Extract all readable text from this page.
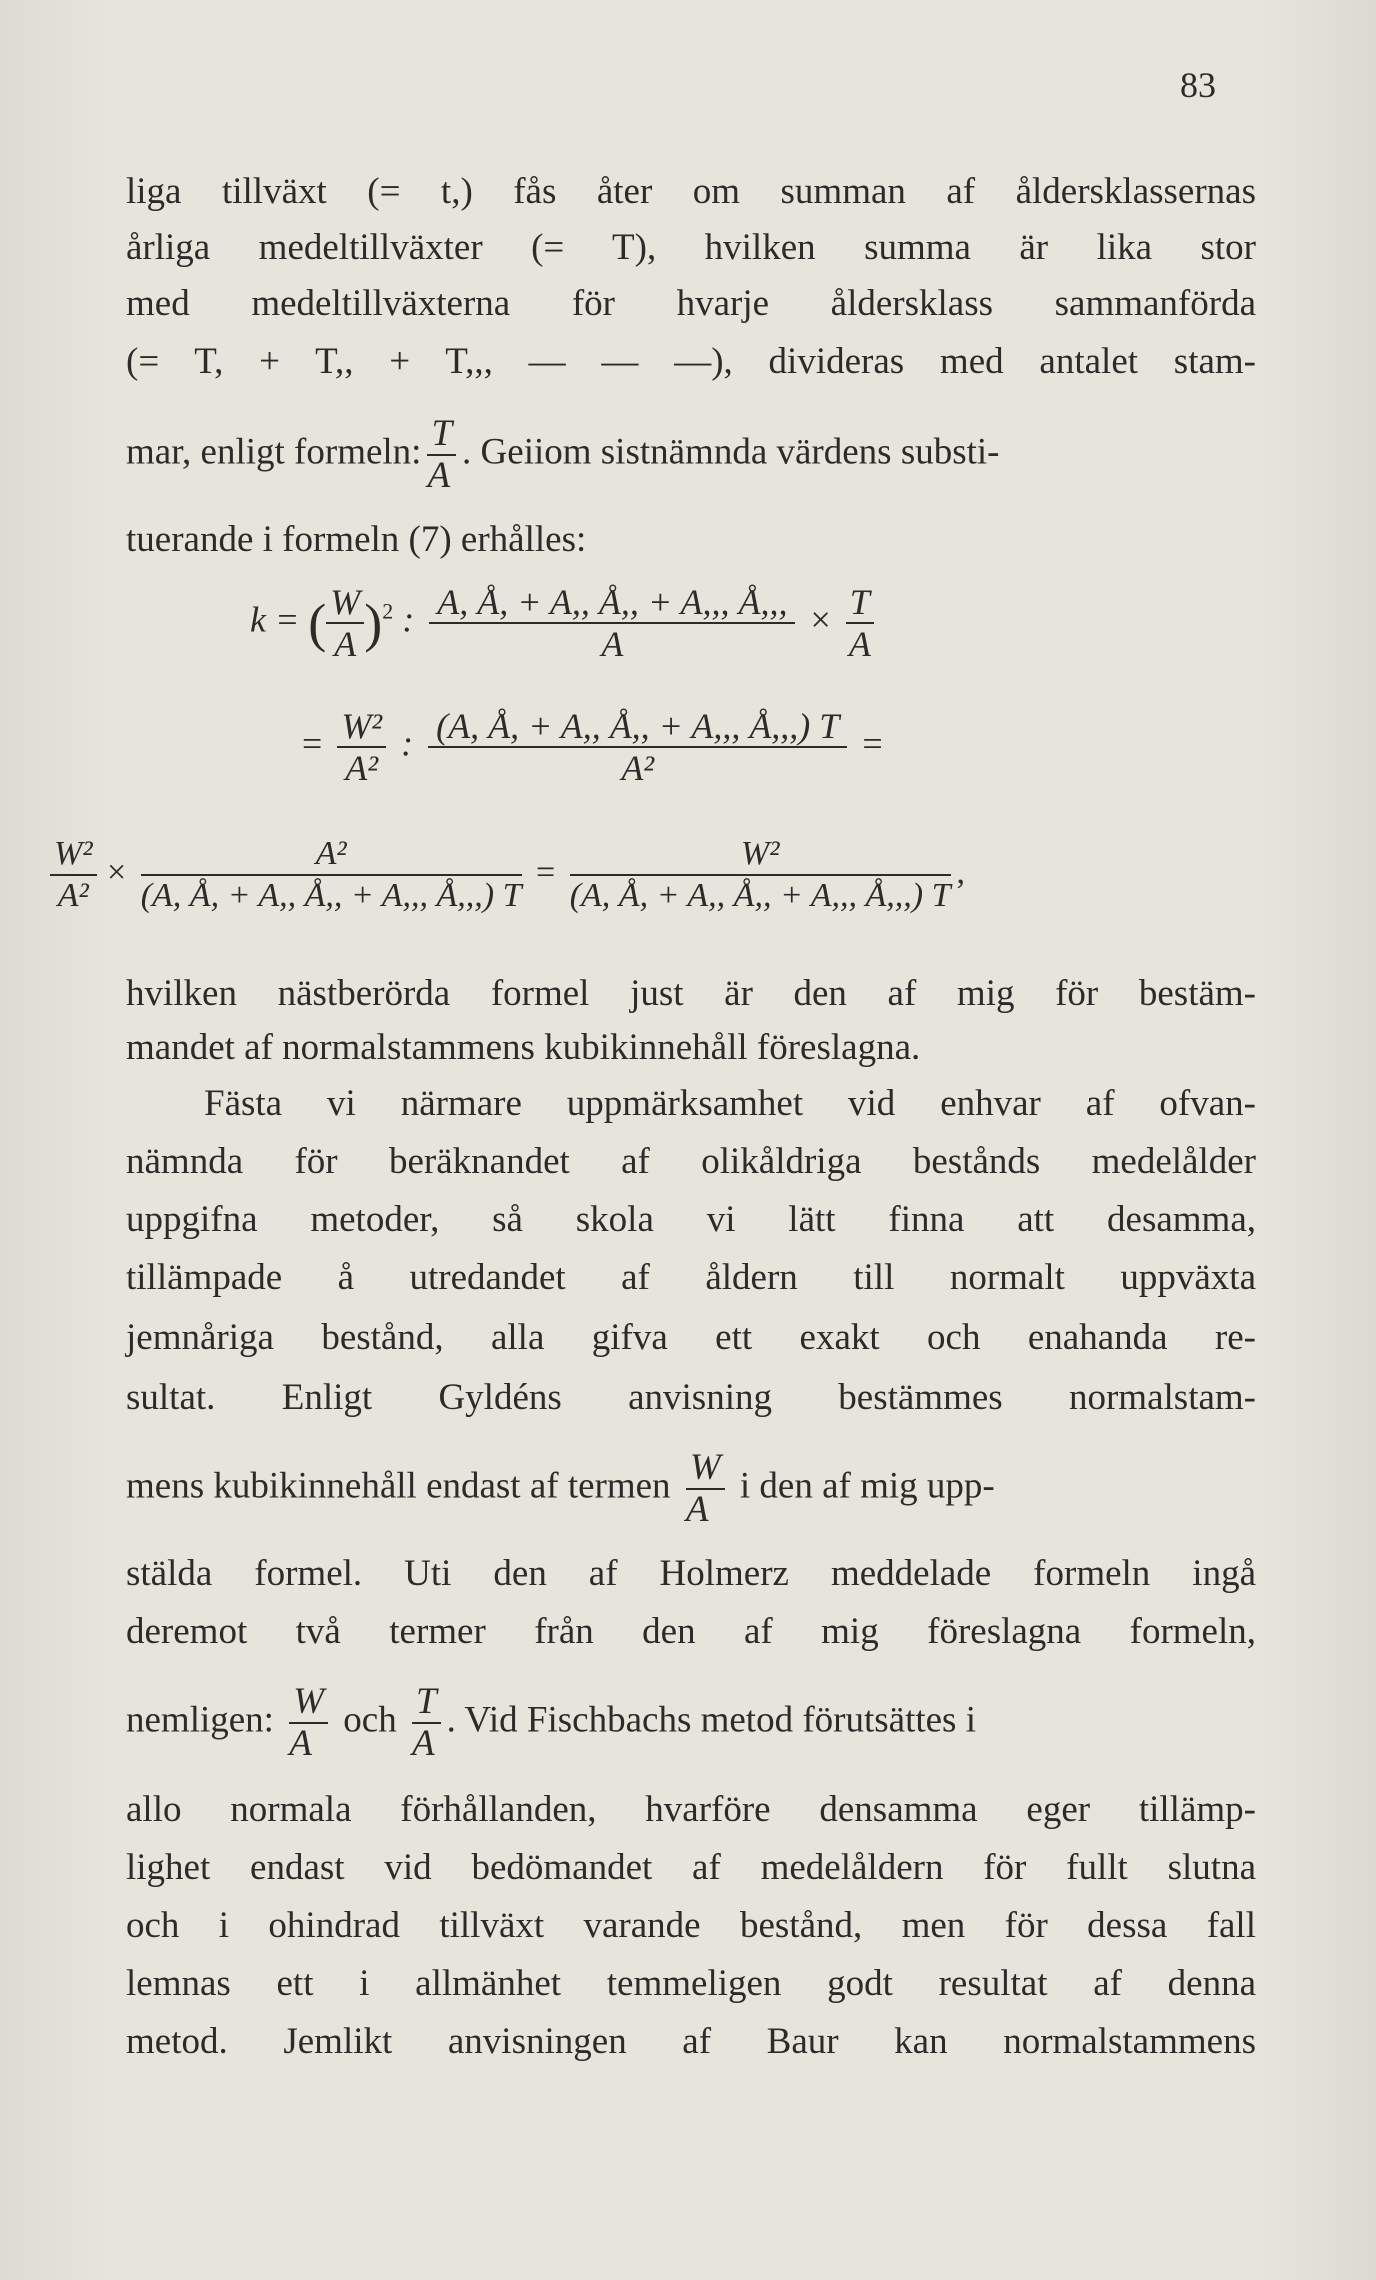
83
liga tillväxt (= t,) fås åter om summan af åldersklassernas
årliga medeltillväxter (= T), hvilken summa är lika stor
med medeltillväxterna för hvarje åldersklass sammanförda
(= T, + T,, + T,,, — — —), divideras med antalet stam-
mar, enligt formeln: $\frac{T}{A}$ . Geiiom sistnämnda värdens substi-
tuerande i formeln (7) erhålles:
k = ( $\frac{W}{A} )^2$ : $\frac{A, Å, + A,, Å,, + A,,, Å,,,}{A} \times \frac{T}{A}$
= $\frac{\text{W²}}{\text{A²}}$ : $\frac{(A, Å, + A,, Å,, + A,,, Å,,,) T}{\text{A²}}$ =
$\frac{\text{W²}}{\text{A²}} \times \frac{\text{A²}}{(A, Å, + A,, Å,, + A,,, Å,,,) T} = \frac{\text{W²}}{(A, Å, + A,, Å,, + A,,, Å,,,) T}$ ,
hvilken nästberörda formel just är den af mig för bestäm-
mandet af normalstammens kubikinnehåll föreslagna.
Fästa vi närmare uppmärksamhet vid enhvar af ofvan-
nämnda för beräknandet af olikåldriga bestånds medelålder
uppgifna metoder, så skola vi lätt finna att desamma,
tillämpade å utredandet af åldern till normalt uppväxta
jemnåriga bestånd, alla gifva ett exakt och enahanda re-
sultat. Enligt Gyldéns anvisning bestämmes normalstam-
mens kubikinnehåll endast af termen $\frac{W}{A}$ i den af mig upp-
stälda formel. Uti den af Holmerz meddelade formeln ingå
deremot två termer från den af mig föreslagna formeln,
nemligen: $\frac{W}{A}$ och $\frac{T}{A}$ . Vid Fischbachs metod förutsättes i
allo normala förhållanden, hvarföre densamma eger tillämp-
lighet endast vid bedömandet af medelåldern för fullt slutna
och i ohindrad tillväxt varande bestånd, men för dessa fall
lemnas ett i allmänhet temmeligen godt resultat af denna
metod. Jemlikt anvisningen af Baur kan normalstammens
